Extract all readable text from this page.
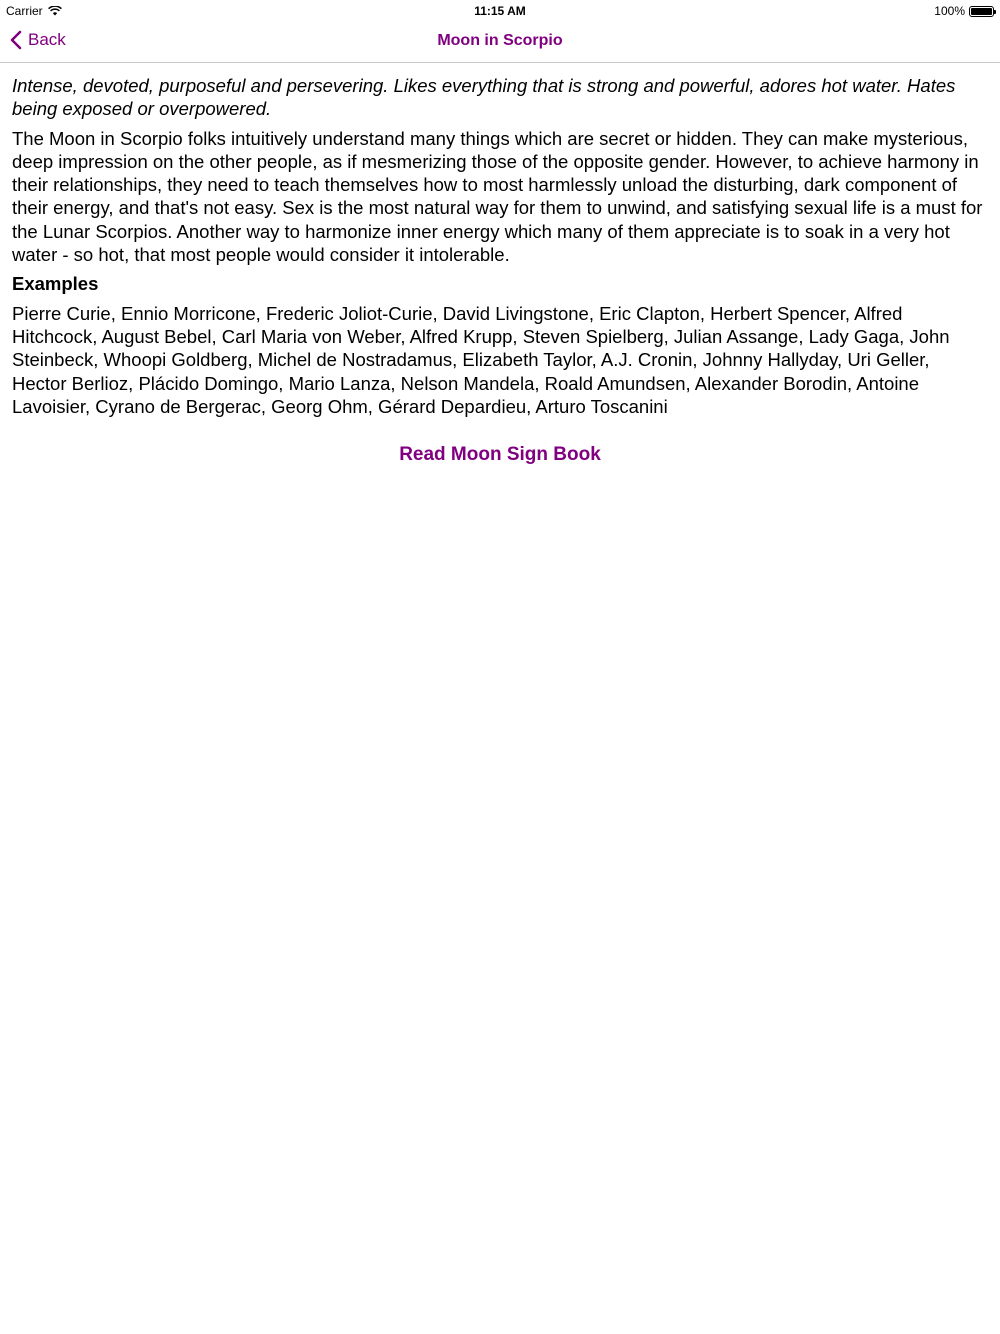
Carrier	11:15 AM	100%
Back	Moon in Scorpio

Intense, devoted, purposeful and persevering. Likes everything that is strong and powerful, adores hot water. Hates being exposed or overpowered.

The Moon in Scorpio folks intuitively understand many things which are secret or hidden. They can make mysterious, deep impression on the other people, as if mesmerizing those of the opposite gender. However, to achieve harmony in their relationships, they need to teach themselves how to most harmlessly unload the disturbing, dark component of their energy, and that's not easy. Sex is the most natural way for them to unwind, and satisfying sexual life is a must for the Lunar Scorpios. Another way to harmonize inner energy which many of them appreciate is to soak in a very hot water - so hot, that most people would consider it intolerable.

Examples

Pierre Curie, Ennio Morricone, Frederic Joliot-Curie, David Livingstone, Eric Clapton, Herbert Spencer, Alfred Hitchcock, August Bebel, Carl Maria von Weber, Alfred Krupp, Steven Spielberg, Julian Assange, Lady Gaga, John Steinbeck, Whoopi Goldberg, Michel de Nostradamus, Elizabeth Taylor, A.J. Cronin, Johnny Hallyday, Uri Geller, Hector Berlioz, Plácido Domingo, Mario Lanza, Nelson Mandela, Roald Amundsen, Alexander Borodin, Antoine Lavoisier, Cyrano de Bergerac, Georg Ohm, Gérard Depardieu, Arturo Toscanini

Read Moon Sign Book
